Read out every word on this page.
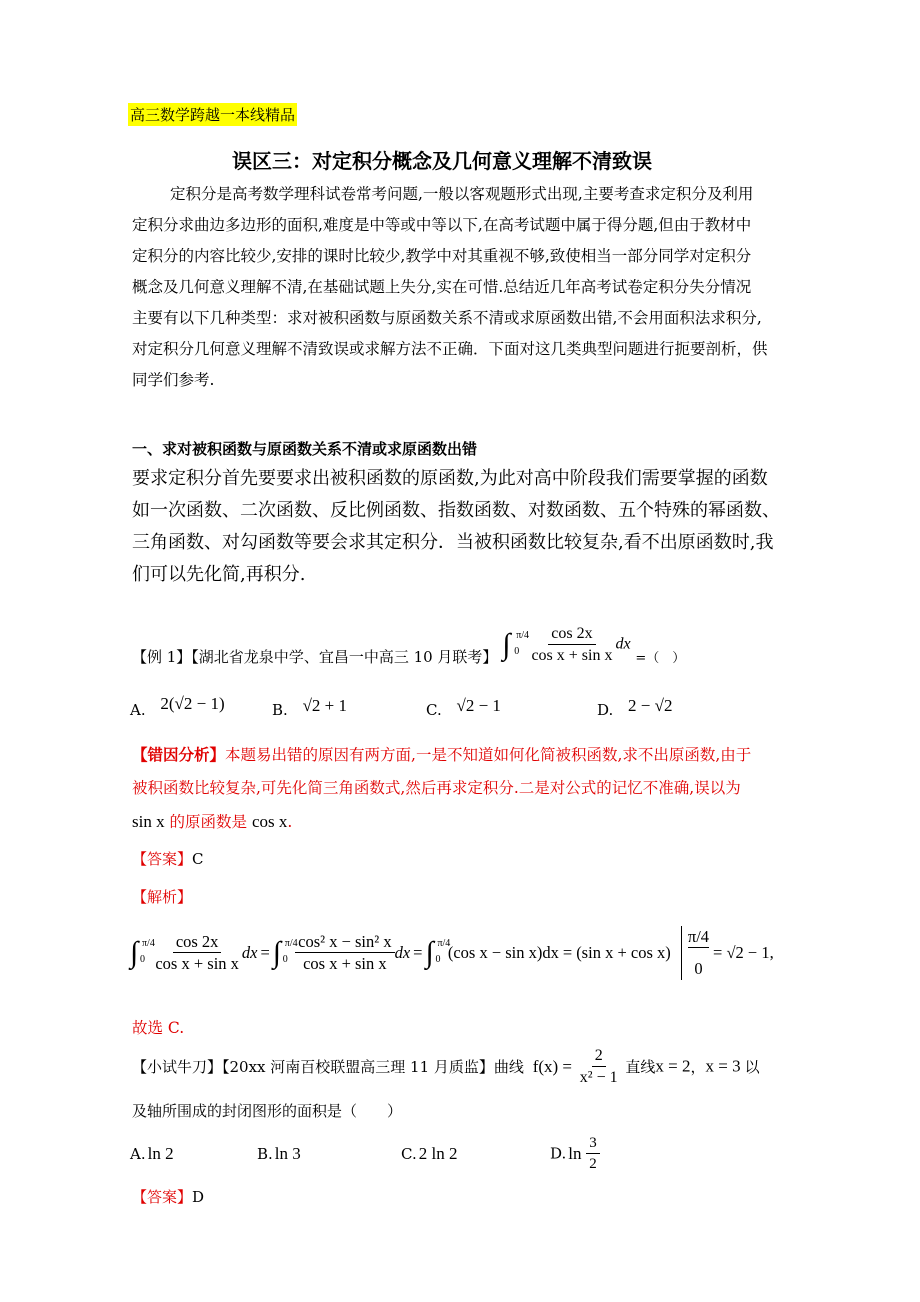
高三数学跨越一本线精品
误区三：对定积分概念及几何意义理解不清致误
定积分是高考数学理科试卷常考问题,一般以客观题形式出现,主要考查求定积分及利用
定积分求曲边多边形的面积,难度是中等或中等以下,在高考试题中属于得分题,但由于教材中
定积分的内容比较少,安排的课时比较少,教学中对其重视不够,致使相当一部分同学对定积分
概念及几何意义理解不清,在基础试题上失分,实在可惜.总结近几年高考试卷定积分失分情况
主要有以下几种类型：求对被积函数与原函数关系不清或求原函数出错,不会用面积法求积分,
对定积分几何意义理解不清致误或求解方法不正确．下面对这几类典型问题进行扼要剖析，供
同学们参考.
一、求对被积函数与原函数关系不清或求原函数出错
要求定积分首先要要求出被积函数的原函数,为此对高中阶段我们需要掌握的函数
如一次函数、二次函数、反比例函数、指数函数、对数函数、五个特殊的幂函数、
三角函数、对勾函数等要会求其定积分．当被积函数比较复杂,看不出原函数时,我
们可以先化简,再积分.
【例 1】【湖北省龙泉中学、宜昌一中高三 10 月联考】 ∫ π/4
0
$\frac{\cos 2x}{\text{cos x + sin x}}$ dx =（　）
A. 2(√2 − 1)	B. √2 + 1	C. √2 − 1	D. 2 − √2
【错因分析】本题易出错的原因有两方面,一是不知道如何化简被积函数,求不出原函数,由于
被积函数比较复杂,可先化简三角函数式,然后再求定积分.二是对公式的记忆不准确,误以为
sin x 的原函数是 cos x.
【答案】C
【解析】
∫ π/4
0
$\frac{\cos 2x}{\text{cos x + sin x}}$ dx = ∫ π/4
0
$\frac{\text{cos² x − sin² x}}{\text{cos x + sin x}}$ dx = ∫ π/4
0 (cos x − sin x)dx = (sin $x + \cos x) \frac{\pi/4}{0} = √2 - 1$,
故选 C.
【小试牛刀】【20xx 河南百校联盟高三理 11 月质监】曲线 $f(x) = \frac{2}{\text{x² − 1}}$ 直线x = 2，x = 3 以
及轴所围成的封闭图形的面积是（　　）
A. ln 2	B. ln 3	C. 2 ln 2	D. $\ln \frac{3}{2}$
【答案】D
